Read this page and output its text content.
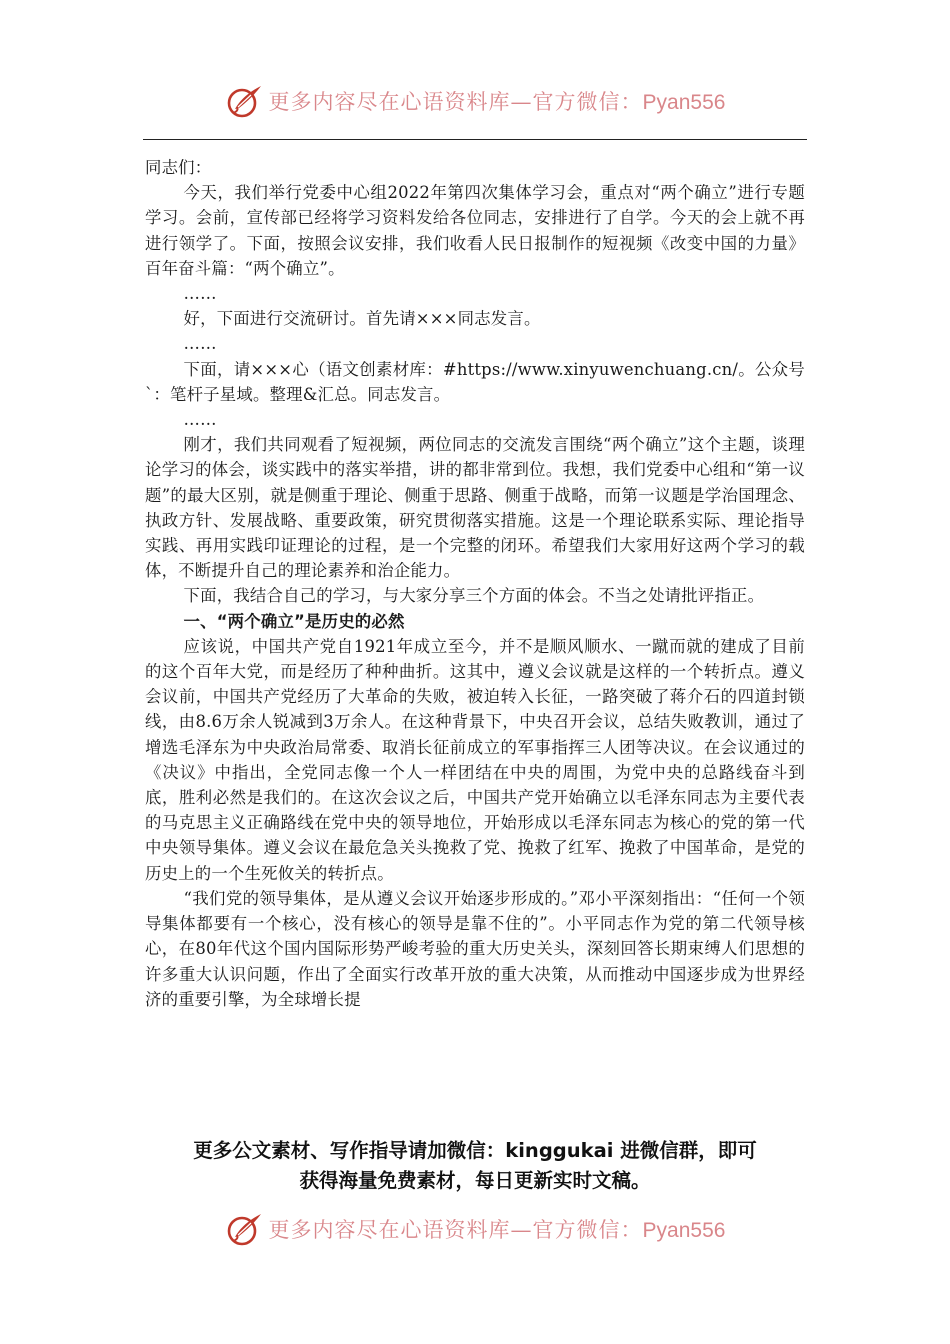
更多内容尽在心语资料库—官方微信：Pyan556

同志们：

今天，我们举行党委中心组2022年第四次集体学习会，重点对“两个确立”进行专题学习。会前，宣传部已经将学习资料发给各位同志，安排进行了自学。今天的会上就不再进行领学了。下面，按照会议安排，我们收看人民日报制作的短视频《改变中国的力量》百年奋斗篇：“两个确立”。

……

好，下面进行交流研讨。首先请×××同志发言。

……

下面，请×××心（语文创素材库：#https://www.xinyuwenchuang.cn/。公众号`：笔杆子星域。整理&汇总。同志发言。

……

刚才，我们共同观看了短视频，两位同志的交流发言围绕“两个确立”这个主题，谈理论学习的体会，谈实践中的落实举措，讲的都非常到位。我想，我们党委中心组和“第一议题”的最大区别，就是侧重于理论、侧重于思路、侧重于战略，而第一议题是学治国理念、执政方针、发展战略、重要政策，研究贯彻落实措施。这是一个理论联系实际、理论指导实践、再用实践印证理论的过程，是一个完整的闭环。希望我们大家用好这两个学习的载体，不断提升自己的理论素养和治企能力。

下面，我结合自己的学习，与大家分享三个方面的体会。不当之处请批评指正。

一、“两个确立”是历史的必然

应该说，中国共产党自1921年成立至今，并不是顺风顺水、一蹴而就的建成了目前的这个百年大党，而是经历了种种曲折。这其中，遵义会议就是这样的一个转折点。遵义会议前，中国共产党经历了大革命的失败，被迫转入长征，一路突破了蒋介石的四道封锁线，由8.6万余人锐减到3万余人。在这种背景下，中央召开会议，总结失败教训，通过了增选毛泽东为中央政治局常委、取消长征前成立的军事指挥三人团等决议。在会议通过的《决议》中指出，全党同志像一个人一样团结在中央的周围，为党中央的总路线奋斗到底，胜利必然是我们的。在这次会议之后，中国共产党开始确立以毛泽东同志为主要代表的马克思主义正确路线在党中央的领导地位，开始形成以毛泽东同志为核心的党的第一代中央领导集体。遵义会议在最危急关头挽救了党、挽救了红军、挽救了中国革命，是党的历史上的一个生死攸关的转折点。

“我们党的领导集体，是从遵义会议开始逐步形成的。”邓小平深刻指出：“任何一个领导集体都要有一个核心，没有核心的领导是靠不住的”。小平同志作为党的第二代领导核心，在80年代这个国内国际形势严峻考验的重大历史关头，深刻回答长期束缚人们思想的许多重大认识问题，作出了全面实行改革开放的重大决策，从而推动中国逐步成为世界经济的重要引擎，为全球增长提

更多公文素材、写作指导请加微信：kinggukai 进微信群，即可
获得海量免费素材，每日更新实时文稿。
更多内容尽在心语资料库—官方微信：Pyan556
